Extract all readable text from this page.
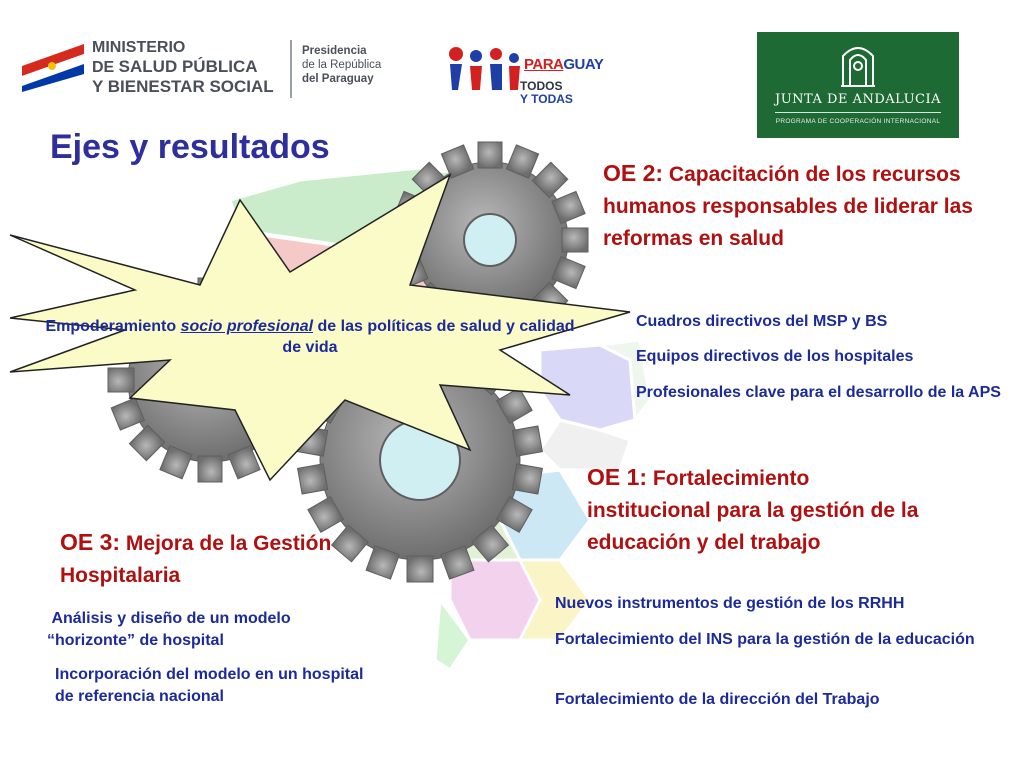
Empoderamiento socio profesional de las políticas de salud y calidad de vida
MINISTERIO
DE SALUD PÚBLICA
Y BIENESTAR SOCIAL
Presidencia
de la República
del Paraguay
PARAGUAY
TODOS
Y TODAS	JUNTA DE ANDALUCIA
PROGRAMA DE COOPERACIÓN INTERNACIONAL
Ejes y resultados
OE 2: Capacitación de los recursos humanos responsables de liderar las reformas en salud
Cuadros directivos del MSP y BS
Equipos directivos de los hospitales
Profesionales clave para el desarrollo de la APS
OE 1: Fortalecimiento institucional para la gestión de la educación y del trabajo
Nuevos instrumentos de gestión de los RRHH
Fortalecimiento del INS para la gestión de la educación
Fortalecimiento de la dirección del Trabajo
OE 3: Mejora de la Gestión   Hospitalaria
Análisis y diseño de un modelo “horizonte” de hospital
Incorporación del modelo en un hospital de referencia nacional
